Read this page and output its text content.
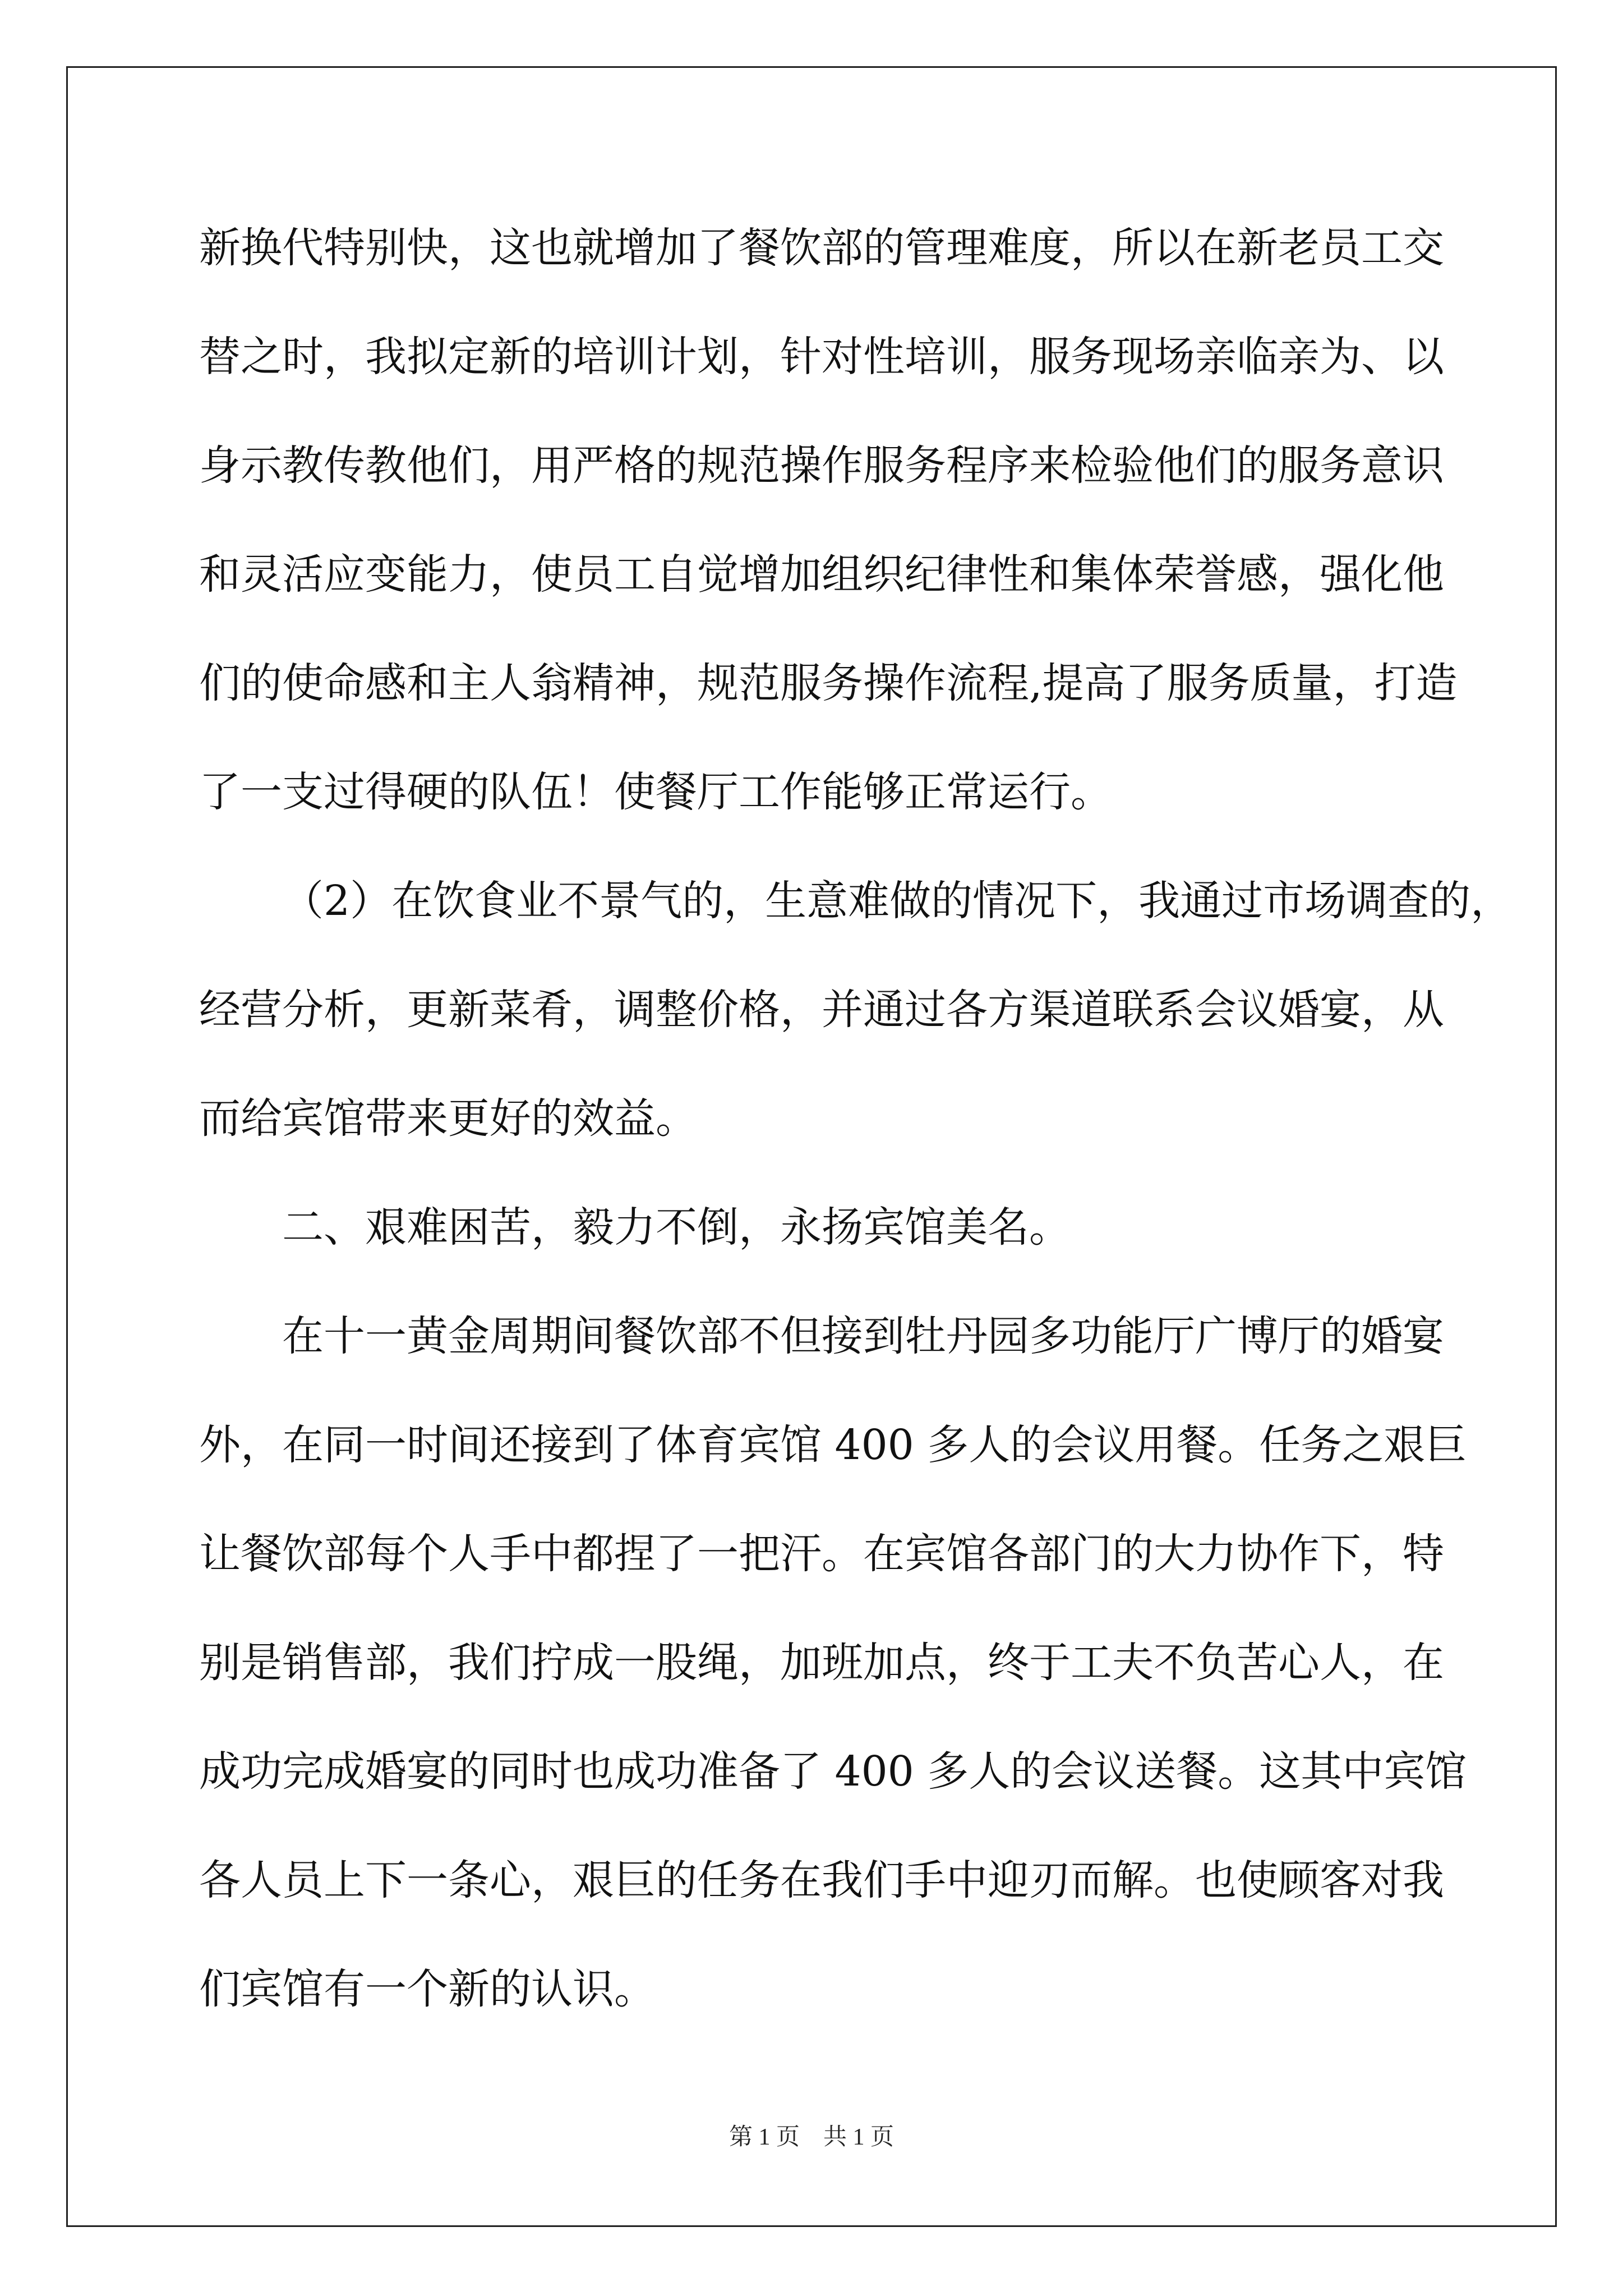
新换代特别快，这也就增加了餐饮部的管理难度，所以在新老员工交
替之时，我拟定新的培训计划，针对性培训，服务现场亲临亲为、以
身示教传教他们，用严格的规范操作服务程序来检验他们的服务意识
和灵活应变能力，使员工自觉增加组织纪律性和集体荣誉感，强化他
们的使命感和主人翁精神，规范服务操作流程,提高了服务质量，打造
了一支过得硬的队伍！使餐厅工作能够正常运行。
（2）在饮食业不景气的，生意难做的情况下，我通过市场调查的，
经营分析，更新菜肴，调整价格，并通过各方渠道联系会议婚宴，从
而给宾馆带来更好的效益。
二、艰难困苦，毅力不倒，永扬宾馆美名。
在十一黄金周期间餐饮部不但接到牡丹园多功能厅广博厅的婚宴
外，在同一时间还接到了体育宾馆 400 多人的会议用餐。任务之艰巨
让餐饮部每个人手中都捏了一把汗。在宾馆各部门的大力协作下，特
别是销售部，我们拧成一股绳，加班加点，终于工夫不负苦心人，在
成功完成婚宴的同时也成功准备了 400 多人的会议送餐。这其中宾馆
各人员上下一条心，艰巨的任务在我们手中迎刃而解。也使顾客对我
们宾馆有一个新的认识。
第 1 页　共 1 页
